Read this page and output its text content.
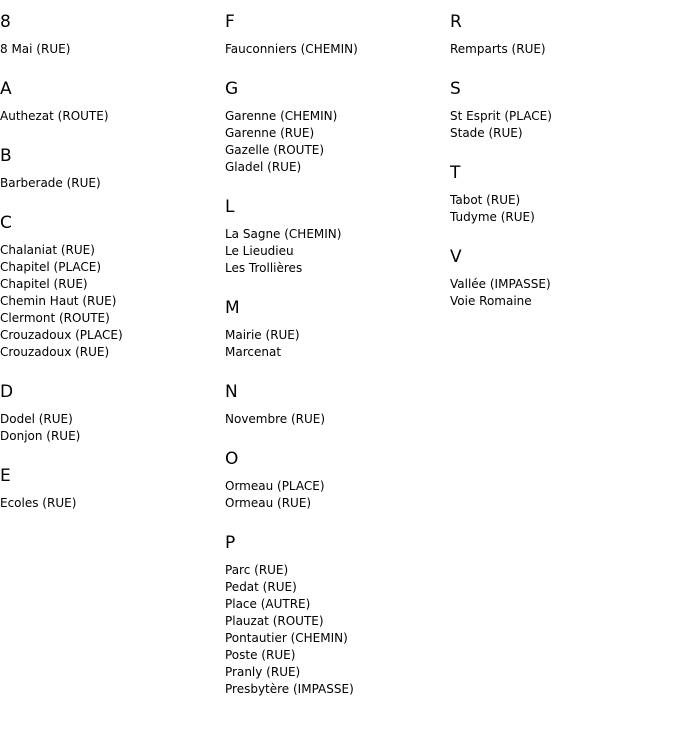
8
8 Mai (RUE)
A
Authezat (ROUTE)
B
Barberade (RUE)
C
Chalaniat (RUE)
Chapitel (PLACE)
Chapitel (RUE)
Chemin Haut (RUE)
Clermont (ROUTE)
Crouzadoux (PLACE)
Crouzadoux (RUE)
D
Dodel (RUE)
Donjon (RUE)
E
Ecoles (RUE)
F
Fauconniers (CHEMIN)
G
Garenne (CHEMIN)
Garenne (RUE)
Gazelle (ROUTE)
Gladel (RUE)
L
La Sagne (CHEMIN)
Le Lieudieu
Les Trollières
M
Mairie (RUE)
Marcenat
N
Novembre (RUE)
O
Ormeau (PLACE)
Ormeau (RUE)
P
Parc (RUE)
Pedat (RUE)
Place (AUTRE)
Plauzat (ROUTE)
Pontautier (CHEMIN)
Poste (RUE)
Pranly (RUE)
Presbytère (IMPASSE)
R
Remparts (RUE)
S
St Esprit (PLACE)
Stade (RUE)
T
Tabot (RUE)
Tudyme (RUE)
V
Vallée (IMPASSE)
Voie Romaine
